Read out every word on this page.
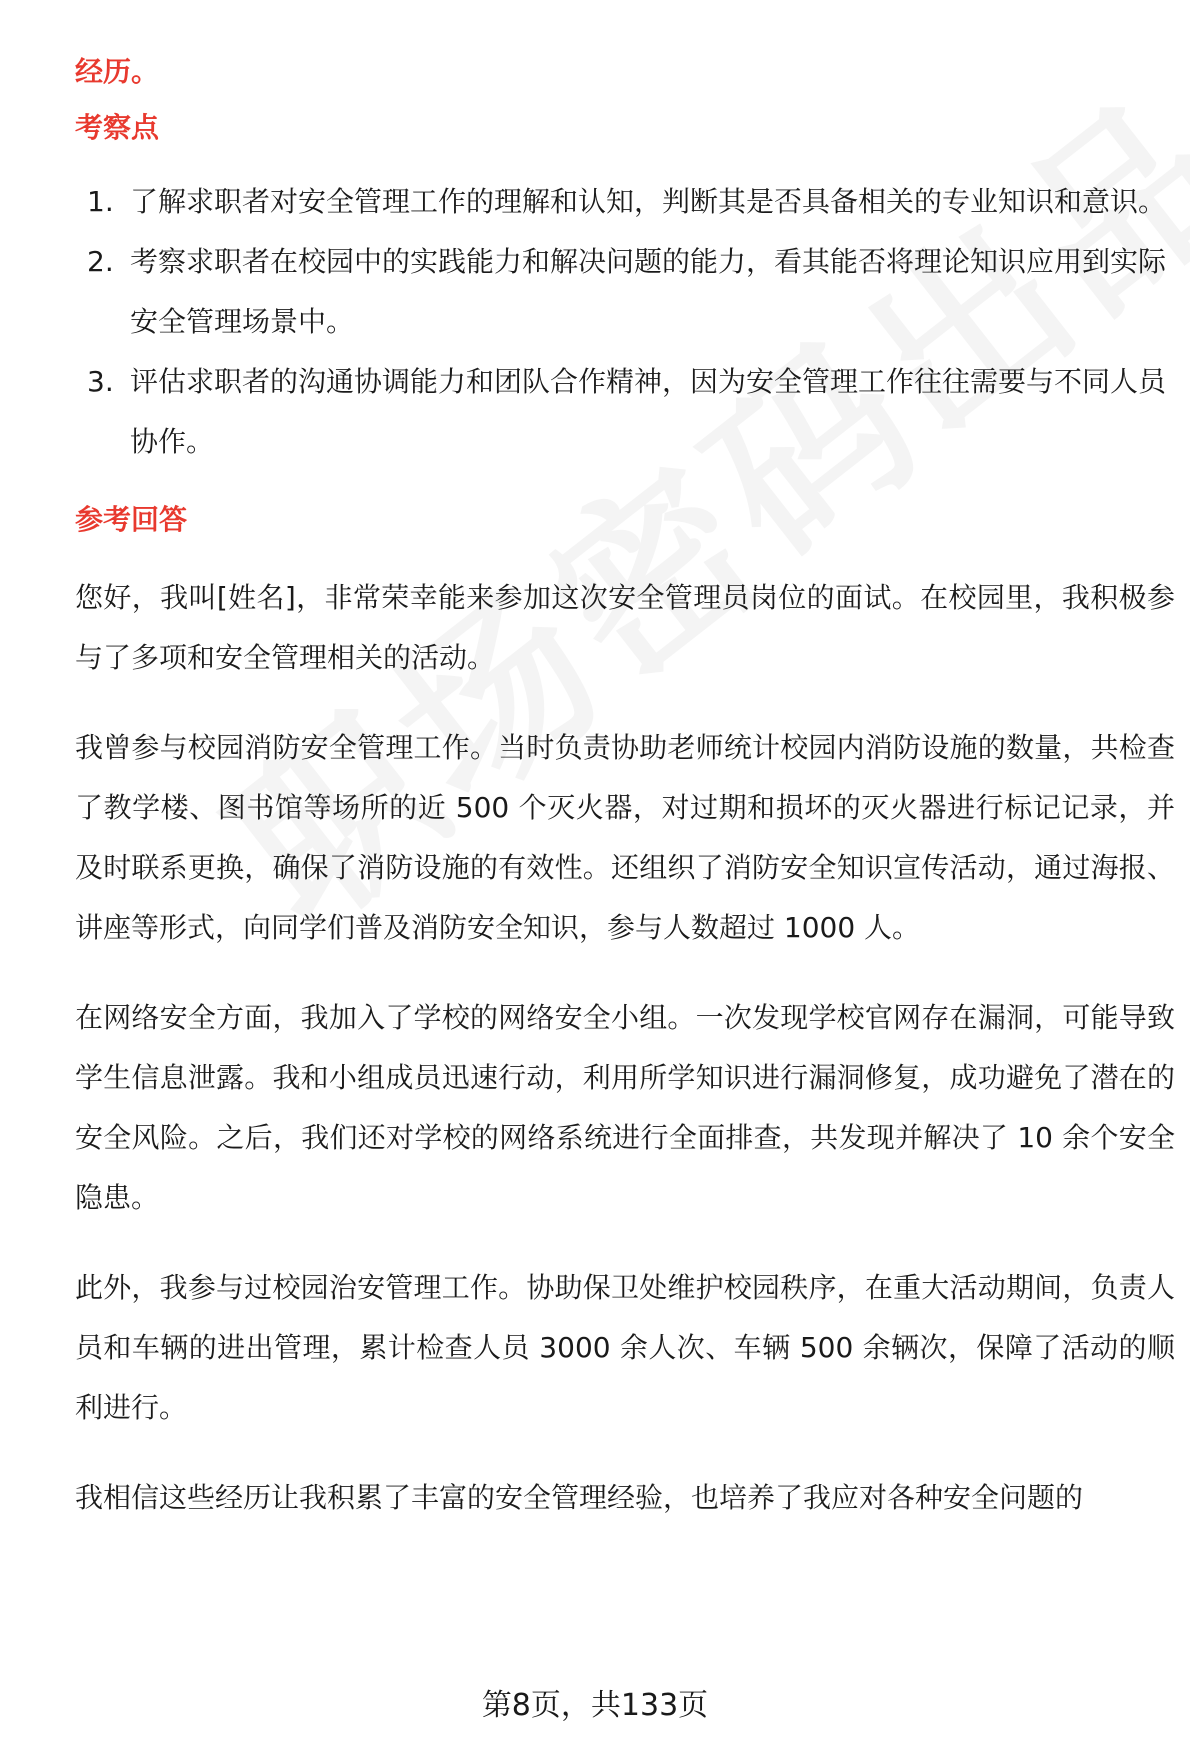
经历。
考察点
1. 了解求职者对安全管理工作的理解和认知，判断其是否具备相关的专业知识和意识。
2. 考察求职者在校园中的实践能力和解决问题的能力，看其能否将理论知识应用到实际安全管理场景中。
3. 评估求职者的沟通协调能力和团队合作精神，因为安全管理工作往往需要与不同人员协作。
参考回答

您好，我叫[姓名]，非常荣幸能来参加这次安全管理员岗位的面试。在校园里，我积极参与了多项和安全管理相关的活动。

我曾参与校园消防安全管理工作。当时负责协助老师统计校园内消防设施的数量，共检查了教学楼、图书馆等场所的近 500 个灭火器，对过期和损坏的灭火器进行标记记录，并及时联系更换，确保了消防设施的有效性。还组织了消防安全知识宣传活动，通过海报、讲座等形式，向同学们普及消防安全知识，参与人数超过 1000 人。

在网络安全方面，我加入了学校的网络安全小组。一次发现学校官网存在漏洞，可能导致学生信息泄露。我和小组成员迅速行动，利用所学知识进行漏洞修复，成功避免了潜在的安全风险。之后，我们还对学校的网络系统进行全面排查，共发现并解决了 10 余个安全隐患。

此外，我参与过校园治安管理工作。协助保卫处维护校园秩序，在重大活动期间，负责人员和车辆的进出管理，累计检查人员 3000 余人次、车辆 500 余辆次，保障了活动的顺利进行。

我相信这些经历让我积累了丰富的安全管理经验，也培养了我应对各种安全问题的

第8页，共133页
